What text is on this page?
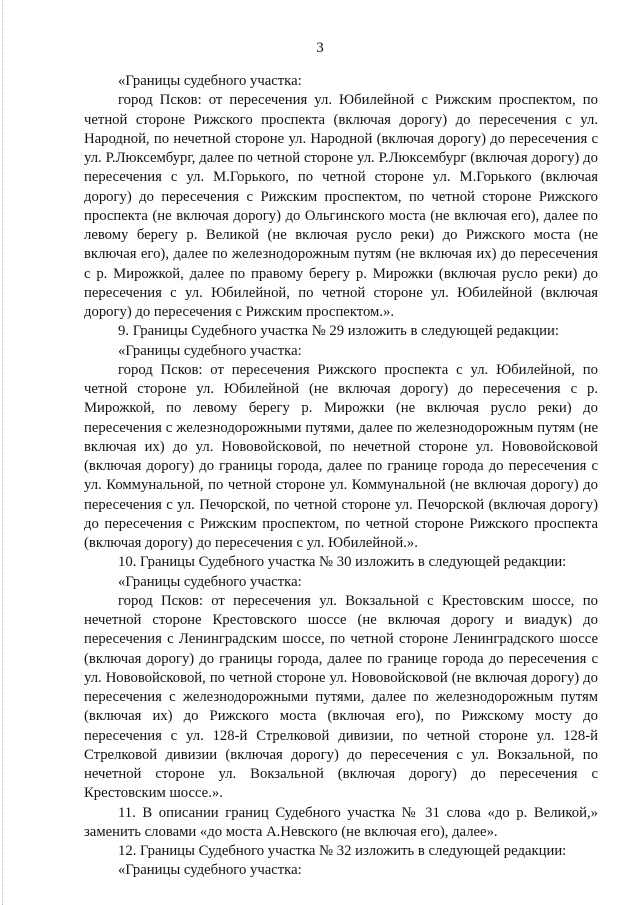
3

«Границы судебного участка:

город Псков: от пересечения ул. Юбилейной с Рижским проспектом, по четной стороне Рижского проспекта (включая дорогу) до пересечения с ул. Народной, по нечетной стороне ул. Народной (включая дорогу) до пересечения с ул. Р.Люксембург, далее по четной стороне ул. Р.Люксембург (включая дорогу) до пересечения с ул. М.Горького, по четной стороне ул. М.Горького (включая дорогу) до пересечения с Рижским проспектом, по четной стороне Рижского проспекта (не включая дорогу) до Ольгинского моста (не включая его), далее по левому берегу р. Великой (не включая русло реки) до Рижского моста (не включая его), далее по железнодорожным путям (не включая их) до пересечения с р. Мирожкой, далее по правому берегу р. Мирожки (включая русло реки) до пересечения с ул. Юбилейной, по четной стороне ул. Юбилейной (включая дорогу) до пересечения с Рижским проспектом.».

9. Границы Судебного участка № 29 изложить в следующей редакции:

«Границы судебного участка:

город Псков: от пересечения Рижского проспекта с ул. Юбилейной, по четной стороне ул. Юбилейной (не включая дорогу) до пересечения с р. Мирожкой, по левому берегу р. Мирожки (не включая русло реки) до пересечения с железнодорожными путями, далее по железнодорожным путям (не включая их) до ул. Нововойсковой, по нечетной стороне ул. Нововойсковой (включая дорогу) до границы города, далее по границе города до пересечения с ул. Коммунальной, по четной стороне ул. Коммунальной (не включая дорогу) до пересечения с ул. Печорской, по четной стороне ул. Печорской (включая дорогу) до пересечения с Рижским проспектом, по четной стороне Рижского проспекта (включая дорогу) до пересечения с ул. Юбилейной.».

10. Границы Судебного участка № 30 изложить в следующей редакции:

«Границы судебного участка:

город Псков: от пересечения ул. Вокзальной с Крестовским шоссе, по нечетной стороне Крестовского шоссе (не включая дорогу и виадук) до пересечения с Ленинградским шоссе, по четной стороне Ленинградского шоссе (включая дорогу) до границы города, далее по границе города до пересечения с ул. Нововойсковой, по четной стороне ул. Нововойсковой (не включая дорогу) до пересечения с железнодорожными путями, далее по железнодорожным путям (включая их) до Рижского моста (включая его), по Рижскому мосту до пересечения с ул. 128-й Стрелковой дивизии, по четной стороне ул. 128-й Стрелковой дивизии (включая дорогу) до пересечения с ул. Вокзальной, по нечетной стороне ул. Вокзальной (включая дорогу) до пересечения с Крестовским шоссе.».

11. В описании границ Судебного участка № 31 слова «до р. Великой,» заменить словами «до моста А.Невского (не включая его), далее».

12. Границы Судебного участка № 32 изложить в следующей редакции:

«Границы судебного участка:
